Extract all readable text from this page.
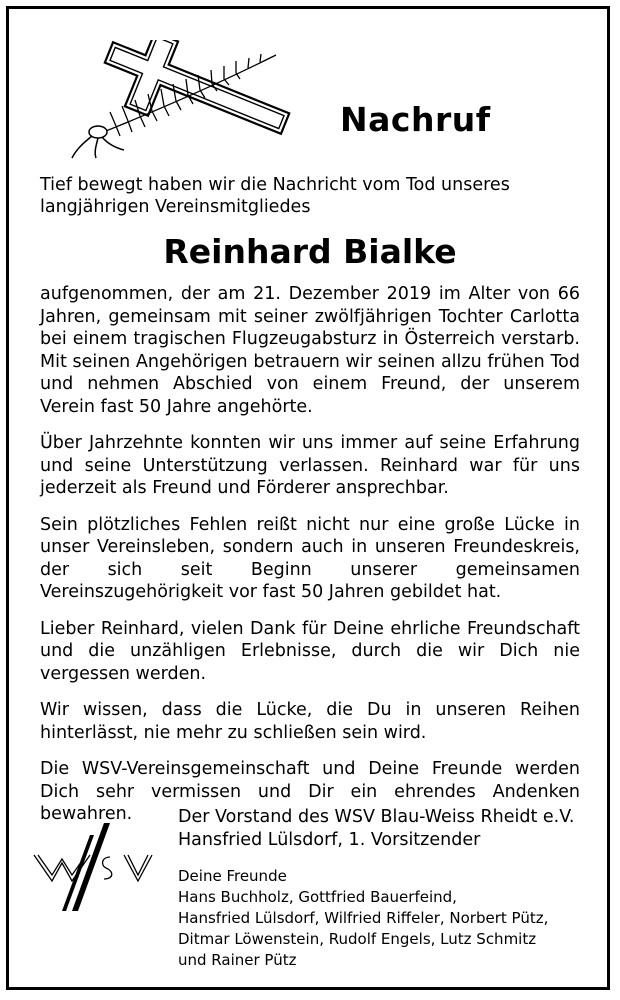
Nachruf
Tief bewegt haben wir die Nachricht vom Tod unseres langjährigen Vereinsmitgliedes
Reinhard Bialke

aufgenommen, der am 21. Dezember 2019 im Alter von 66 Jahren, gemeinsam mit seiner zwölfjährigen Tochter Carlotta bei einem tragischen Flugzeugabsturz in Österreich verstarb. Mit seinen Angehörigen betrauern wir seinen allzu frühen Tod und nehmen Abschied von einem Freund, der unserem Verein fast 50 Jahre angehörte.

Über Jahrzehnte konnten wir uns immer auf seine Erfahrung und seine Unterstützung verlassen. Reinhard war für uns jederzeit als Freund und Förderer ansprechbar.

Sein plötzliches Fehlen reißt nicht nur eine große Lücke in unser Vereinsleben, sondern auch in unseren Freundeskreis, der sich seit Beginn unserer gemeinsamen Vereinszugehörigkeit vor fast 50 Jahren gebildet hat.

Lieber Reinhard, vielen Dank für Deine ehrliche Freundschaft und die unzähligen Erlebnisse, durch die wir Dich nie vergessen werden.

Wir wissen, dass die Lücke, die Du in unseren Reihen hinterlässt, nie mehr zu schließen sein wird.

Die WSV-Vereinsgemeinschaft und Deine Freunde werden Dich sehr vermissen und Dir ein ehrendes Andenken bewahren.

WSV
Der Vorstand des WSV Blau-Weiss Rheidt e.V.
Hansfried Lülsdorf, 1. Vorsitzender
Deine Freunde
Hans Buchholz, Gottfried Bauerfeind,
Hansfried Lülsdorf, Wilfried Riffeler, Norbert Pütz,
Ditmar Löwenstein, Rudolf Engels, Lutz Schmitz
und Rainer Pütz
